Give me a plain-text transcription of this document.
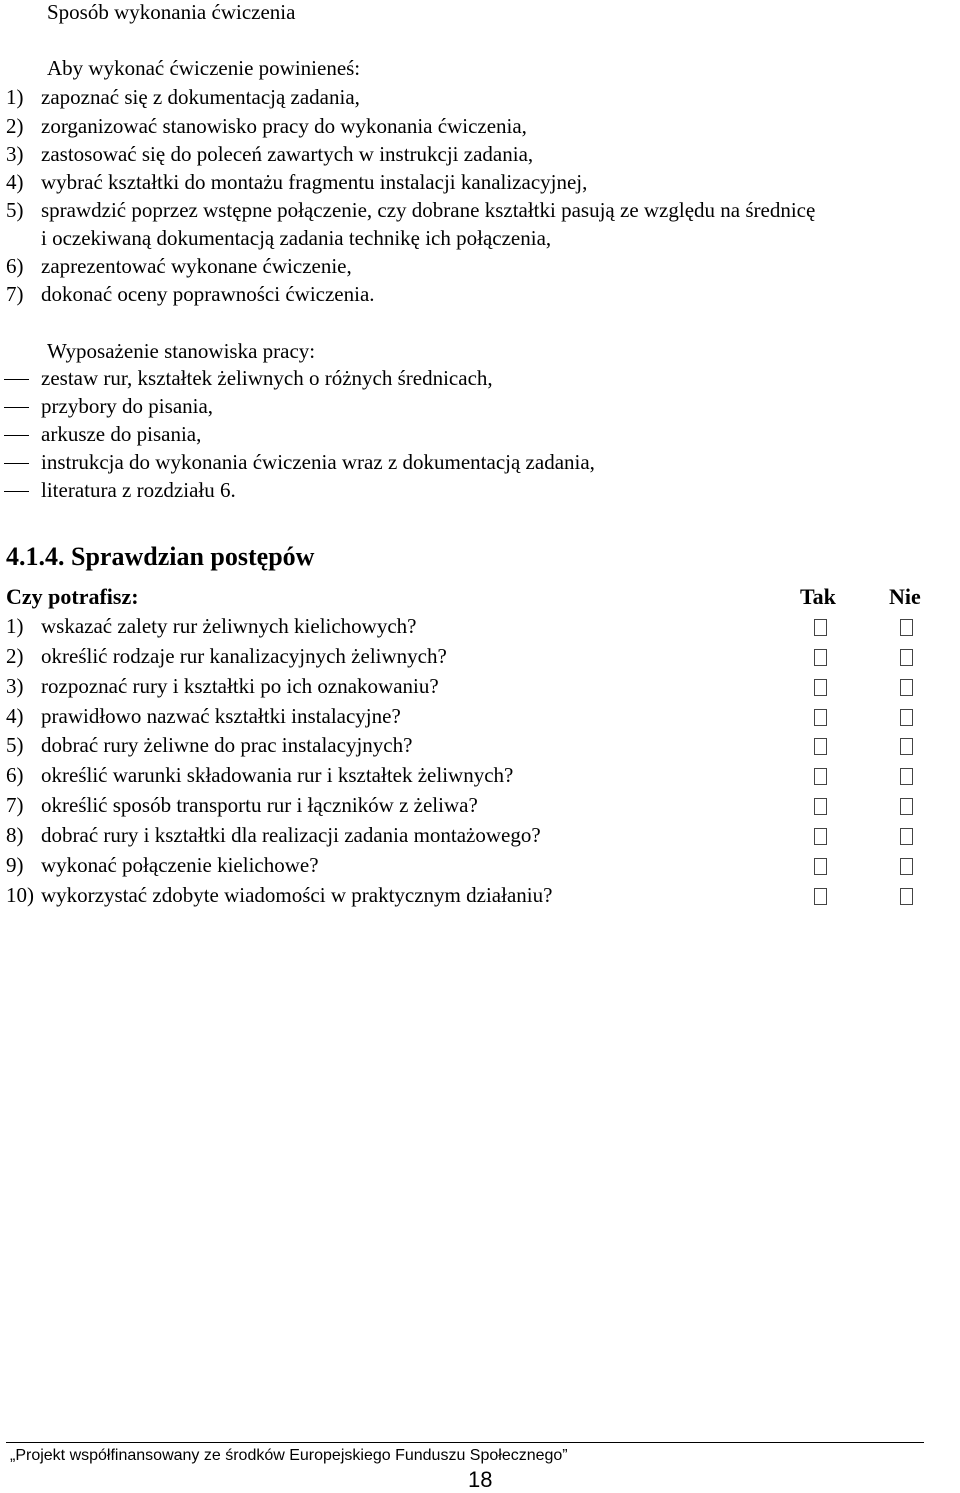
Sposób wykonania ćwiczenia
Aby wykonać ćwiczenie powinieneś:
1) zapoznać się z dokumentacją zadania,
2) zorganizować stanowisko pracy do wykonania ćwiczenia,
3) zastosować się do poleceń zawartych w instrukcji zadania,
4) wybrać kształtki do montażu fragmentu instalacji kanalizacyjnej,
5) sprawdzić poprzez wstępne połączenie, czy dobrane kształtki pasują ze względu na średnicę
i oczekiwaną dokumentacją zadania technikę ich połączenia,
6) zaprezentować wykonane ćwiczenie,
7) dokonać oceny poprawności ćwiczenia.
Wyposażenie stanowiska pracy:
zestaw rur, kształtek żeliwnych o różnych średnicach,
przybory do pisania,
arkusze do pisania,
instrukcja do wykonania ćwiczenia wraz z dokumentacją zadania,
literatura z rozdziału 6.
4.1.4. Sprawdzian postępów
Czy potrafisz:	Tak Nie
1) wskazać zalety rur żeliwnych kielichowych?
2) określić rodzaje rur kanalizacyjnych żeliwnych?
3) rozpoznać rury i kształtki po ich oznakowaniu?
4) prawidłowo nazwać kształtki instalacyjne?
5) dobrać rury żeliwne do prac instalacyjnych?
6) określić warunki składowania rur i kształtek żeliwnych?
7) określić sposób transportu rur i łączników z żeliwa?
8) dobrać rury i kształtki dla realizacji zadania montażowego?
9) wykonać połączenie kielichowe?
10) wykorzystać zdobyte wiadomości w praktycznym działaniu?
„Projekt współfinansowany ze środków Europejskiego Funduszu Społecznego”
18
